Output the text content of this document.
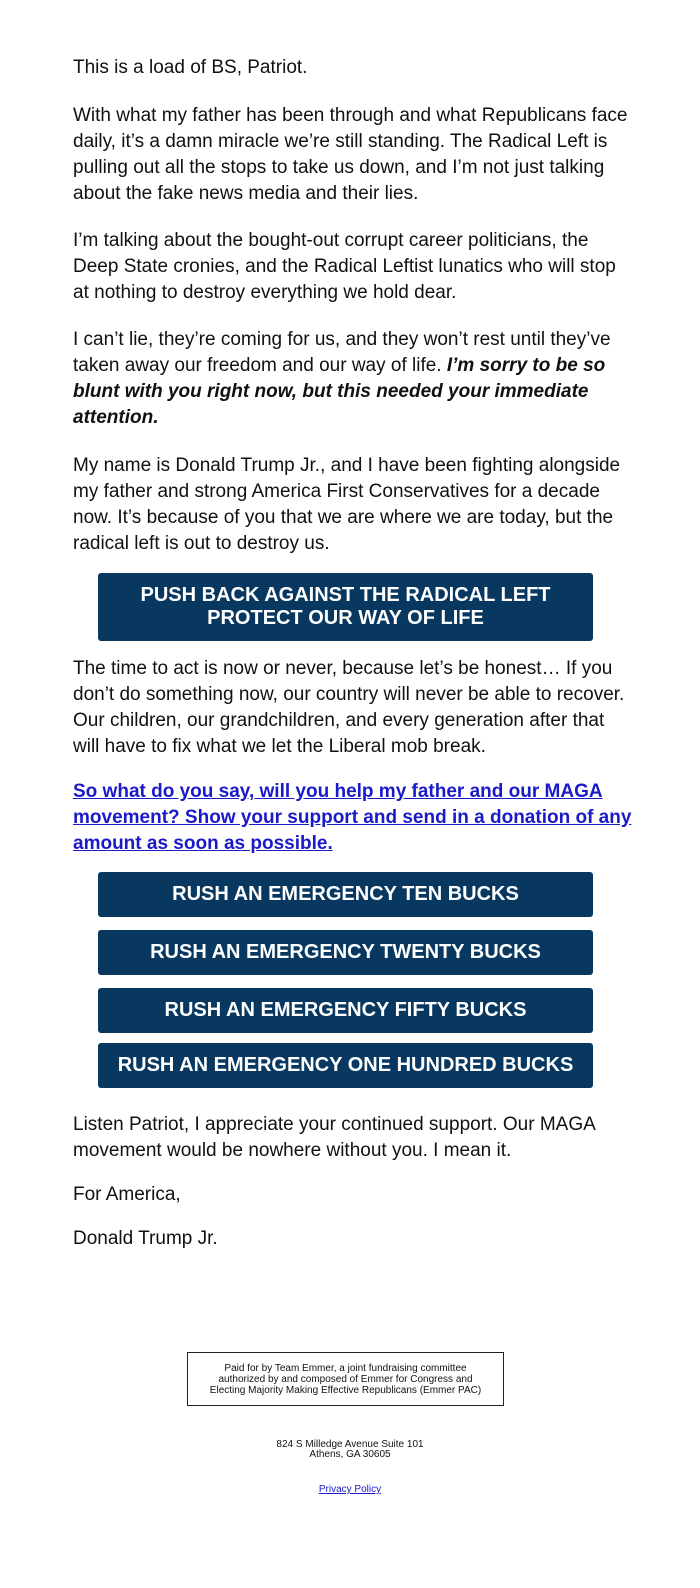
This is a load of BS, Patriot.

With what my father has been through and what Republicans face daily, it’s a damn miracle we’re still standing. The Radical Left is pulling out all the stops to take us down, and I’m not just talking about the fake news media and their lies.

I’m talking about the bought-out corrupt career politicians, the Deep State cronies, and the Radical Leftist lunatics who will stop at nothing to destroy everything we hold dear.

I can’t lie, they’re coming for us, and they won’t rest until they’ve taken away our freedom and our way of life. I’m sorry to be so blunt with you right now, but this needed your immediate attention.

My name is Donald Trump Jr., and I have been fighting alongside my father and strong America First Conservatives for a decade now. It’s because of you that we are where we are today, but the radical left is out to destroy us.

PUSH BACK AGAINST THE RADICAL LEFT
PROTECT OUR WAY OF LIFE

The time to act is now or never, because let’s be honest… If you don’t do something now, our country will never be able to recover. Our children, our grandchildren, and every generation after that will have to fix what we let the Liberal mob break.

So what do you say, will you help my father and our MAGA movement? Show your support and send in a donation of any amount as soon as possible.
RUSH AN EMERGENCY TEN BUCKS
RUSH AN EMERGENCY TWENTY BUCKS
RUSH AN EMERGENCY FIFTY BUCKS
RUSH AN EMERGENCY ONE HUNDRED BUCKS

Listen Patriot, I appreciate your continued support. Our MAGA movement would be nowhere without you. I mean it.

For America,

Donald Trump Jr.

Paid for by Team Emmer, a joint fundraising committee authorized by and composed of Emmer for Congress and Electing Majority Making Effective Republicans (Emmer PAC)
824 S Milledge Avenue Suite 101
Athens, GA 30605
Privacy Policy
